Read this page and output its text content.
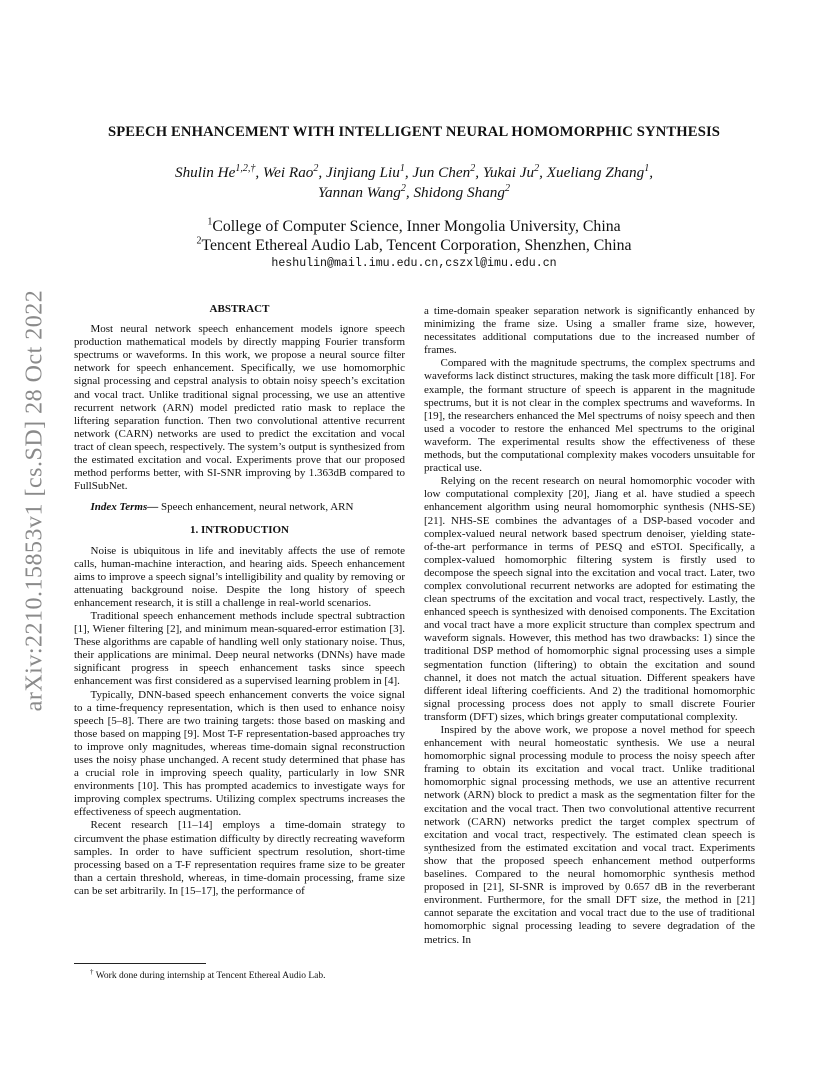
arXiv:2210.15853v1 [cs.SD] 28 Oct 2022
SPEECH ENHANCEMENT WITH INTELLIGENT NEURAL HOMOMORPHIC SYNTHESIS
Shulin $He^{1,2,\dagger}$, Wei Rao$^2$, Jinjiang Liu$^1$, Jun Chen$^2$, Yukai Ju$^2$, Xueliang Zhang$^1$,
Yannan Wang$^2$, Shidong Shang$^2$
$^1$College of Computer Science, Inner Mongolia University, China
$^2$Tencent Ethereal Audio Lab, Tencent Corporation, Shenzhen, China
heshulin@mail.imu.edu.cn,cszxl@imu.edu.cn
ABSTRACT

Most neural network speech enhancement models ignore speech production mathematical models by directly mapping Fourier transform spectrums or waveforms. In this work, we propose a neural source filter network for speech enhancement. Specifically, we use homomorphic signal processing and cepstral analysis to obtain noisy speech’s excitation and vocal tract. Unlike traditional signal processing, we use an attentive recurrent network (ARN) model predicted ratio mask to replace the liftering separation function. Then two convolutional attentive recurrent network (CARN) networks are used to predict the excitation and vocal tract of clean speech, respectively. The system’s output is synthesized from the estimated excitation and vocal. Experiments prove that our proposed method performs better, with SI-SNR improving by 1.363dB compared to FullSubNet.

Index Terms— Speech enhancement, neural network, ARN

1. INTRODUCTION

Noise is ubiquitous in life and inevitably affects the use of remote calls, human-machine interaction, and hearing aids. Speech enhancement aims to improve a speech signal’s intelligibility and quality by removing or attenuating background noise. Despite the long history of speech enhancement research, it is still a challenge in real-world scenarios.

Traditional speech enhancement methods include spectral subtraction [1], Wiener filtering [2], and minimum mean-squared-error estimation [3]. These algorithms are capable of handling well only stationary noise. Thus, their applications are minimal. Deep neural networks (DNNs) have made significant progress in speech enhancement tasks since speech enhancement was first considered as a supervised learning problem in [4].

Typically, DNN-based speech enhancement converts the voice signal to a time-frequency representation, which is then used to enhance noisy speech [5–8]. There are two training targets: those based on masking and those based on mapping [9]. Most T-F representation-based approaches try to improve only magnitudes, whereas time-domain signal reconstruction uses the noisy phase unchanged. A recent study determined that phase has a crucial role in improving speech quality, particularly in low SNR environments [10]. This has prompted academics to investigate ways for improving complex spectrums. Utilizing complex spectrums increases the effectiveness of speech augmentation.

Recent research [11–14] employs a time-domain strategy to circumvent the phase estimation difficulty by directly recreating waveform samples. In order to have sufficient spectrum resolution, short-time processing based on a T-F representation requires frame size to be greater than a certain threshold, whereas, in time-domain processing, frame size can be set arbitrarily. In [15–17], the performance of

a time-domain speaker separation network is significantly enhanced by minimizing the frame size. Using a smaller frame size, however, necessitates additional computations due to the increased number of frames.

Compared with the magnitude spectrums, the complex spectrums and waveforms lack distinct structures, making the task more difficult [18]. For example, the formant structure of speech is apparent in the magnitude spectrums, but it is not clear in the complex spectrums and waveforms. In [19], the researchers enhanced the Mel spectrums of noisy speech and then used a vocoder to restore the enhanced Mel spectrums to the original waveform. The experimental results show the effectiveness of these methods, but the computational complexity makes vocoders unsuitable for practical use.

Relying on the recent research on neural homomorphic vocoder with low computational complexity [20], Jiang et al. have studied a speech enhancement algorithm using neural homomorphic synthesis (NHS-SE) [21]. NHS-SE combines the advantages of a DSP-based vocoder and complex-valued neural network based spectrum denoiser, yielding state-of-the-art performance in terms of PESQ and eSTOI. Specifically, a complex-valued homomorphic filtering system is firstly used to decompose the speech signal into the excitation and vocal tract. Later, two complex convolutional recurrent networks are adopted for estimating the clean spectrums of the excitation and vocal tract, respectively. Lastly, the enhanced speech is synthesized with denoised components. The Excitation and vocal tract have a more explicit structure than complex spectrum and waveform signals. However, this method has two drawbacks: 1) since the traditional DSP method of homomorphic signal processing uses a simple segmentation function (liftering) to obtain the excitation and sound channel, it does not match the actual situation. Different speakers have different ideal liftering coefficients. And 2) the traditional homomorphic signal processing process does not apply to small discrete Fourier transform (DFT) sizes, which brings greater computational complexity.

Inspired by the above work, we propose a novel method for speech enhancement with neural homeostatic synthesis. We use a neural homomorphic signal processing module to process the noisy speech after framing to obtain its excitation and vocal tract. Unlike traditional homomorphic signal processing methods, we use an attentive recurrent network (ARN) block to predict a mask as the segmentation filter for the excitation and the vocal tract. Then two convolutional attentive recurrent network (CARN) networks predict the target complex spectrum of excitation and vocal tract, respectively. The estimated clean speech is synthesized from the estimated excitation and vocal tract. Experiments show that the proposed speech enhancement method outperforms baselines. Compared to the neural homomorphic synthesis method proposed in [21], SI-SNR is improved by 0.657 dB in the reverberant environment. Furthermore, for the small DFT size, the method in [21] cannot separate the excitation and vocal tract due to the use of traditional homomorphic signal processing leading to severe degradation of the metrics. In

† Work done during internship at Tencent Ethereal Audio Lab.
